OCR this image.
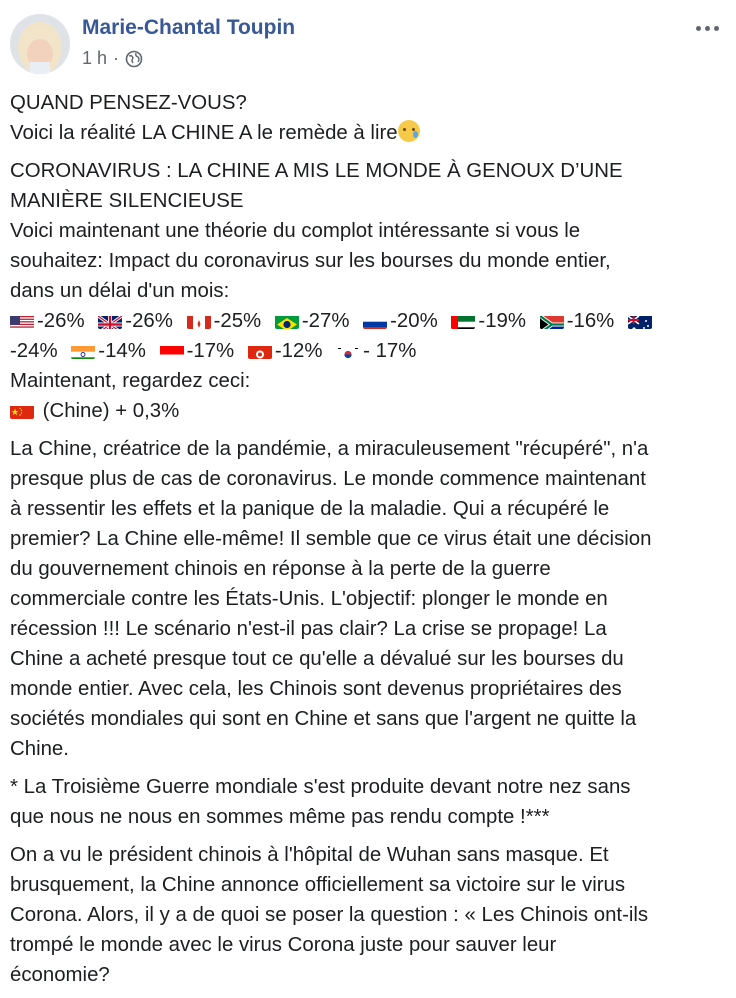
Marie-Chantal Toupin
1 h ·
QUAND PENSEZ-VOUS?
Voici la réalité LA CHINE A le remède à lire
CORONAVIRUS : LA CHINE A MIS LE MONDE À GENOUX D’UNE
MANIÈRE SILENCIEUSE
Voici maintenant une théorie du complot intéressante si vous le
souhaitez: Impact du coronavirus sur les bourses du monde entier,
dans un délai d'un mois:
-26% -26% -25% -27% -20% -19% -16%
-24% -14% -17% -12% - 17%
Maintenant, regardez ceci:
(Chine) + 0,3%
La Chine, créatrice de la pandémie, a miraculeusement "récupéré", n'a
presque plus de cas de coronavirus. Le monde commence maintenant
à ressentir les effets et la panique de la maladie. Qui a récupéré le
premier? La Chine elle-même! Il semble que ce virus était une décision
du gouvernement chinois en réponse à la perte de la guerre
commerciale contre les États-Unis. L'objectif: plonger le monde en
récession !!! Le scénario n'est-il pas clair? La crise se propage! La
Chine a acheté presque tout ce qu'elle a dévalué sur les bourses du
monde entier. Avec cela, les Chinois sont devenus propriétaires des
sociétés mondiales qui sont en Chine et sans que l'argent ne quitte la
Chine.
* La Troisième Guerre mondiale s'est produite devant notre nez sans
que nous ne nous en sommes même pas rendu compte !***
On a vu le président chinois à l'hôpital de Wuhan sans masque. Et
brusquement, la Chine annonce officiellement sa victoire sur le virus
Corona. Alors, il y a de quoi se poser la question : « Les Chinois ont-ils
trompé le monde avec le virus Corona juste pour sauver leur
économie?
